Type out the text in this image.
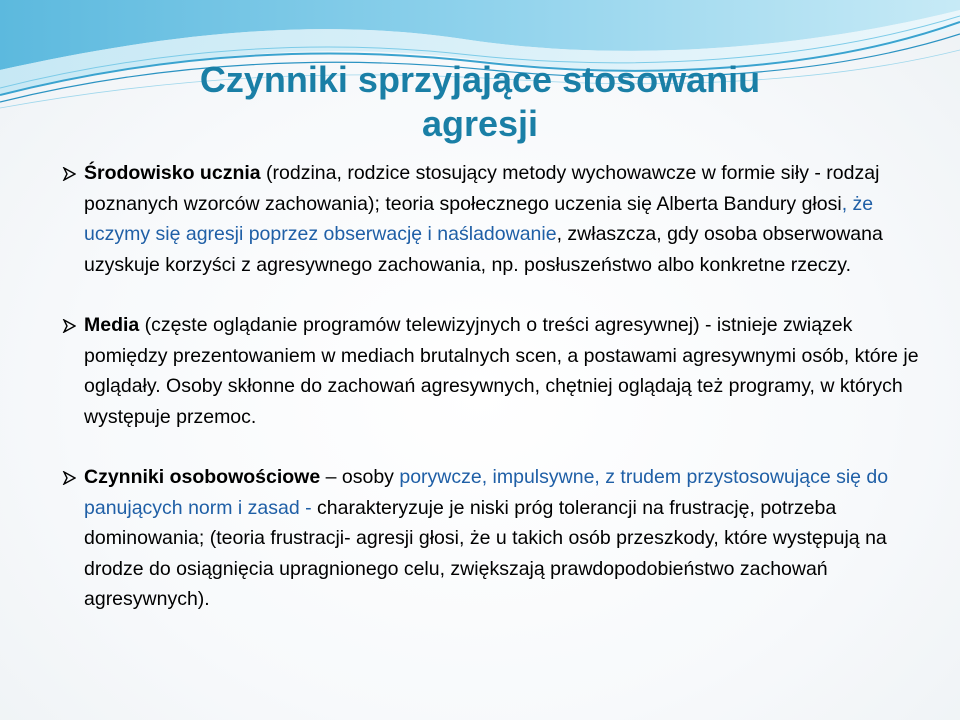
Czynniki sprzyjające stosowaniu
agresji

Środowisko ucznia (rodzina, rodzice stosujący metody wychowawcze w formie siły - rodzaj poznanych wzorców zachowania); teoria społecznego uczenia się Alberta Bandury głosi, że uczymy się agresji poprzez obserwację i naśladowanie, zwłaszcza, gdy osoba obserwowana uzyskuje korzyści z agresywnego zachowania, np. posłuszeństwo albo konkretne rzeczy.

Media (częste oglądanie programów telewizyjnych o treści agresywnej) - istnieje związek pomiędzy prezentowaniem w mediach brutalnych scen, a postawami agresywnymi osób, które je oglądały. Osoby skłonne do zachowań agresywnych, chętniej oglądają też programy, w których występuje przemoc.

Czynniki osobowościowe – osoby porywcze, impulsywne, z trudem przystosowujące się do panujących norm i zasad - charakteryzuje je niski próg tolerancji na frustrację, potrzeba dominowania; (teoria frustracji- agresji głosi, że u takich osób przeszkody, które występują na drodze do osiągnięcia upragnionego celu, zwiększają prawdopodobieństwo zachowań agresywnych).
